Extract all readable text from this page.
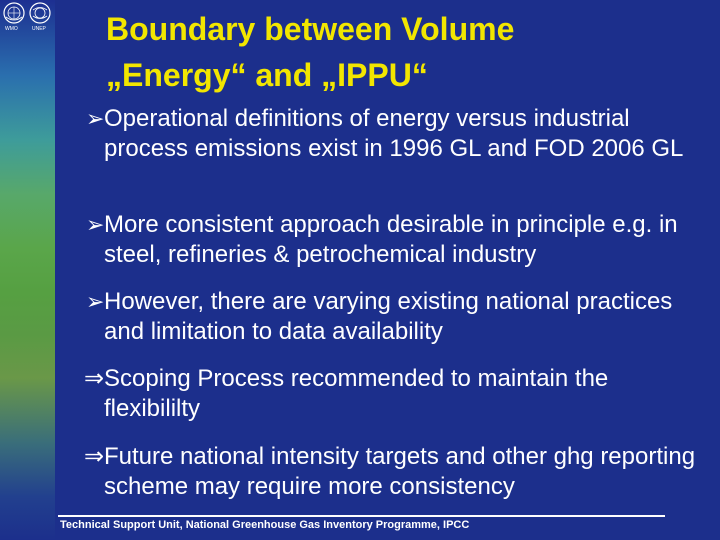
WMO	UNEP Boundary between Volume
„Energy“ and „IPPU“
➢ Operational definitions of energy versus industrial process emissions exist in 1996 GL and FOD 2006 GL
➢ More consistent approach desirable in principle e.g. in steel, refineries & petrochemical industry
➢ However, there are varying existing national practices and limitation to data availability
⇒ Scoping Process recommended to maintain the flexibililty
⇒ Future national intensity targets and other ghg reporting scheme may require more consistency
Technical Support Unit, National Greenhouse Gas Inventory Programme, IPCC
